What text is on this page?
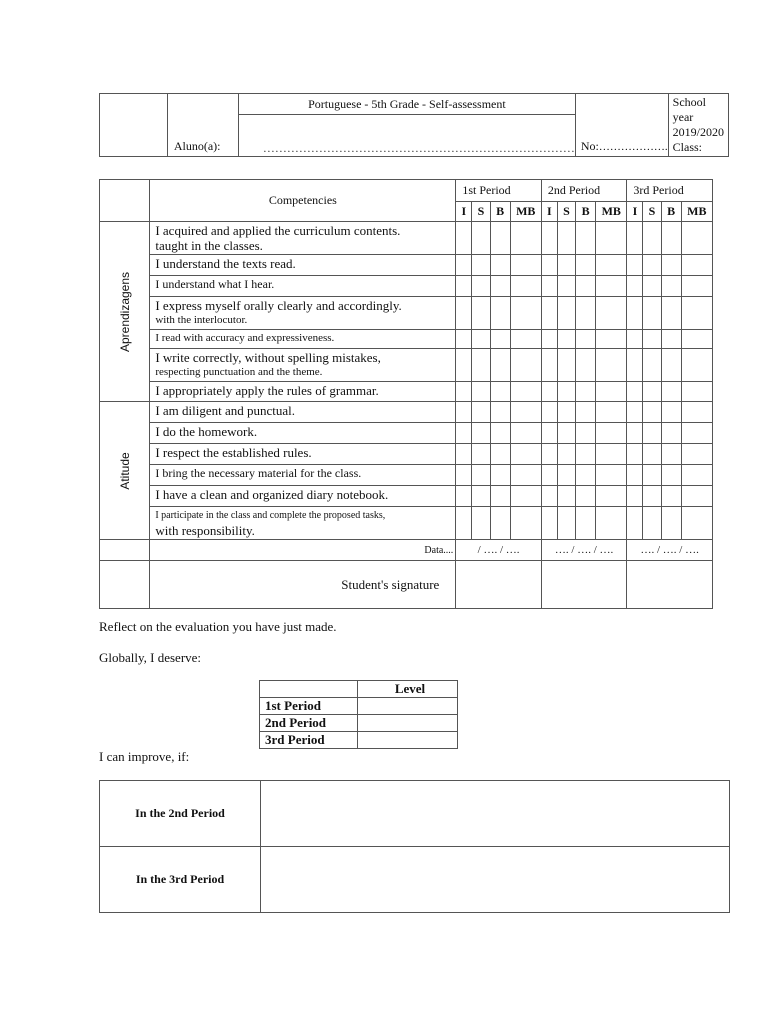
	Aluno(a):	Portuguese - 5th Grade - Self-assessment	No:……………….	
School year
2019/2020
Class:

……………………………………………………………………
	Competencies	1st Period				2nd Period				3rd Period			
		I	S	B	MB	I	S	B	MB	I	S	B	MB

Aprendizagens	I acquired and applied the curriculum contents.
taught in the classes.												

	I understand the texts read.												
	I understand what I hear.												

	I express myself orally clearly and accordingly.
with the interlocutor.												

	I read with accuracy and expressiveness.												

	I write correctly, without spelling mistakes,
respecting punctuation and the theme.												

	I appropriately apply the rules of grammar.												

Atitude	I am diligent and punctual.												
	I do the homework.												
	I respect the established rules.												
	I bring the necessary material for the class.												
	I have a clean and organized diary notebook.												

	I participate in the class and complete the proposed tasks,
with responsibility.												

	Data....	/ …. / ….				…. / …. / ….				…. / …. / ….			
	Student's signature												
Reflect on the evaluation you have just made.
Globally, I deserve:
	Level
1st Period	
2nd Period	
3rd Period	
I can improve, if:
In the 2nd Period	
In the 3rd Period	
